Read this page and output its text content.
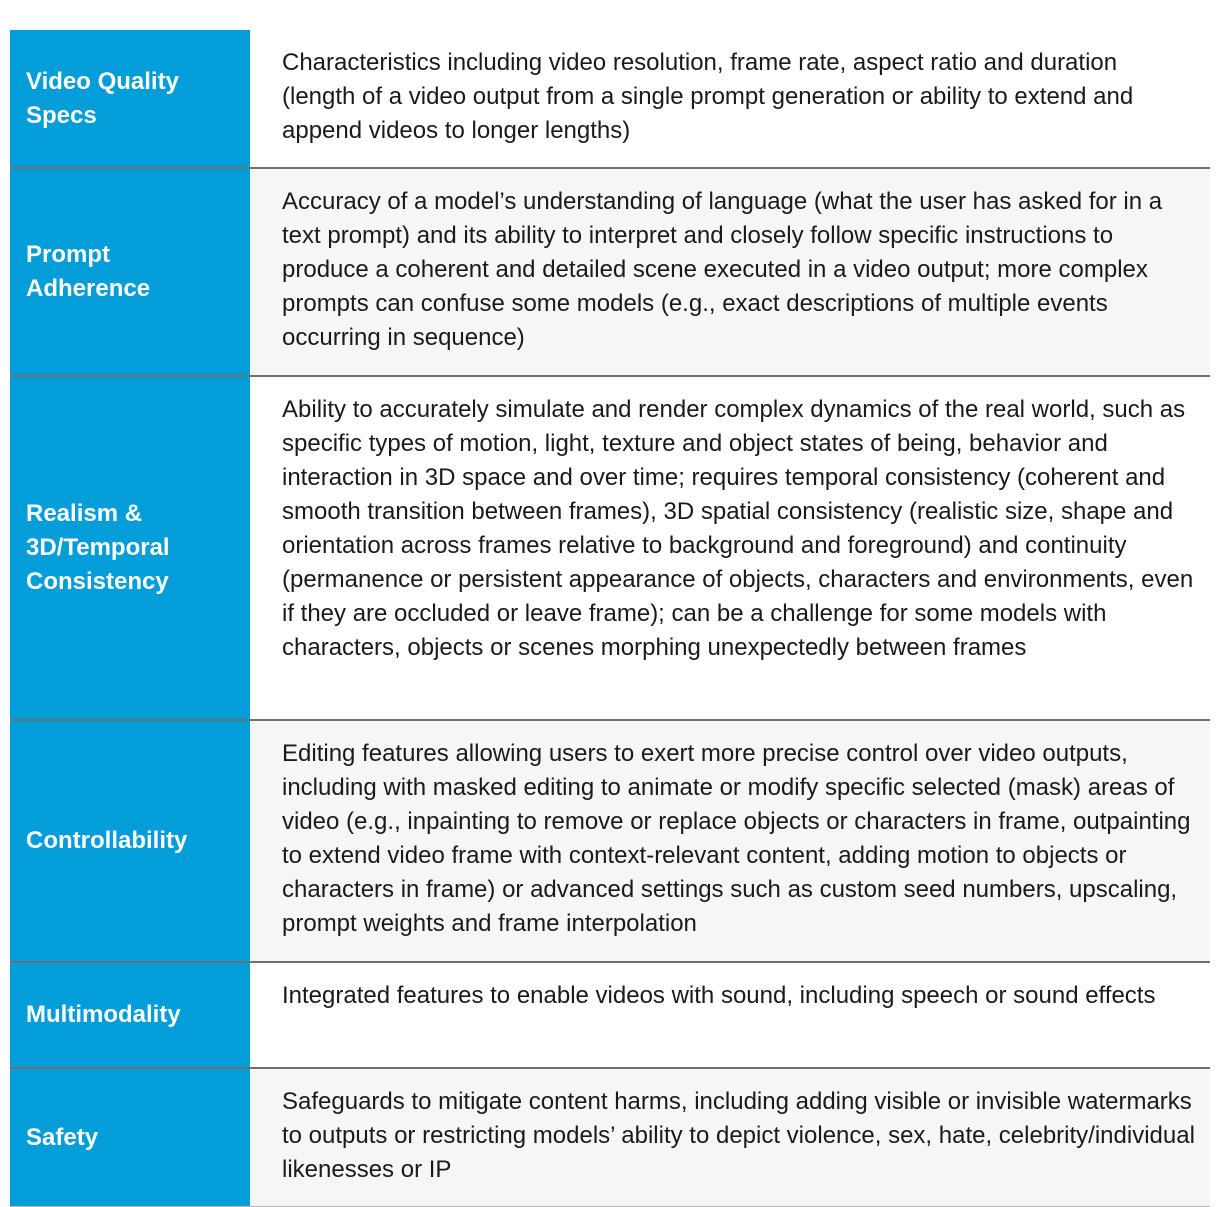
Video Quality Specs
Characteristics including video resolution, frame rate, aspect ratio and duration (length of a video output from a single prompt generation or ability to extend and append videos to longer lengths)
Prompt Adherence
Accuracy of a model’s understanding of language (what the user has asked for in a text prompt) and its ability to interpret and closely follow specific instructions to produce a coherent and detailed scene executed in a video output; more complex prompts can confuse some models (e.g., exact descriptions of multiple events occurring in sequence)
Realism & 3D/Temporal Consistency
Ability to accurately simulate and render complex dynamics of the real world, such as specific types of motion, light, texture and object states of being, behavior and interaction in 3D space and over time; requires temporal consistency (coherent and smooth transition between frames), 3D spatial consistency (realistic size, shape and orientation across frames relative to background and foreground) and continuity (permanence or persistent appearance of objects, characters and environments, even if they are occluded or leave frame); can be a challenge for some models with characters, objects or scenes morphing unexpectedly between frames
Controllability
Editing features allowing users to exert more precise control over video outputs, including with masked editing to animate or modify specific selected (mask) areas of video (e.g., inpainting to remove or replace objects or characters in frame, outpainting to extend video frame with context-relevant content, adding motion to objects or characters in frame) or advanced settings such as custom seed numbers, upscaling, prompt weights and frame interpolation
Multimodality
Integrated features to enable videos with sound, including speech or sound effects
Safety
Safeguards to mitigate content harms, including adding visible or invisible watermarks to outputs or restricting models’ ability to depict violence, sex, hate, celebrity/individual likenesses or IP
